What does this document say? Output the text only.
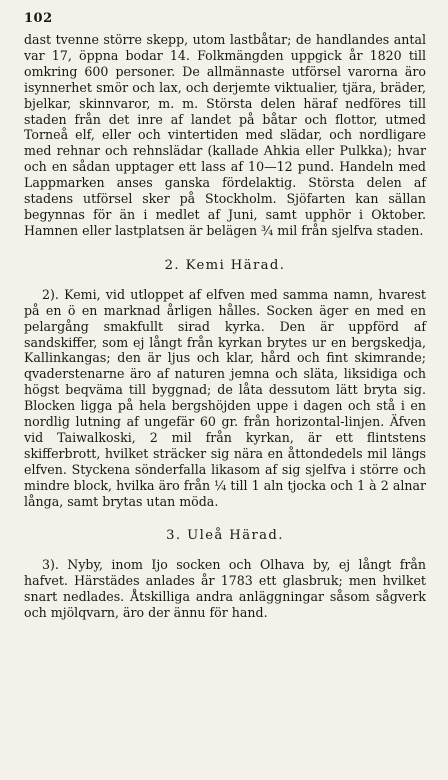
102

dast tvenne större skepp, utom lastbåtar; de handlandes antal var 17, öppna bodar 14. Folkmängden uppgick år 1820 till omkring 600 personer. De allmännaste utförsel varorna äro isynnerhet smör och lax, och derjemte viktualier, tjära, bräder, bjelkar, skinnvaror, m. m. Största delen häraf nedföres till staden från det inre af landet på båtar och flottor, utmed Torneå elf, eller och vintertiden med slädar, och nordligare med rehnar och rehnslädar (kallade Ahkia eller Pulkka); hvar och en sådan upptager ett lass af 10—12 pund. Handeln med Lappmarken anses ganska fördelaktig. Största delen af stadens utförsel sker på Stockholm. Sjöfarten kan sällan begynnas för än i medlet af Juni, samt upphör i Oktober. Hamnen eller lastplatsen är belägen ¾ mil från sjelfva staden.

2. Kemi Härad.

2). Kemi, vid utloppet af elfven med samma namn, hvarest på en ö en marknad årligen hålles. Socken äger en med en pelargång smakfullt sirad kyrka. Den är uppförd af sandskiffer, som ej långt från kyrkan brytes ur en bergskedja, Kallinkangas; den är ljus och klar, hård och fint skimrande; qvaderstenarne äro af naturen jemna och släta, liksidiga och högst beqväma till byggnad; de låta dessutom lätt bryta sig. Blocken ligga på hela bergshöjden uppe i dagen och stå i en nordlig lutning af ungefär 60 gr. från horizontal-linjen. Äfven vid Taiwalkoski, 2 mil från kyrkan, är ett flintstens skifferbrott, hvilket sträcker sig nära en åttondedels mil längs elfven. Styckena sönderfalla likasom af sig sjelfva i större och mindre block, hvilka äro från ¼ till 1 aln tjocka och 1 à 2 alnar långa, samt brytas utan möda.

3. Uleå Härad.

3). Nyby, inom Ijo socken och Olhava by, ej långt från hafvet. Härstädes anlades år 1783 ett glasbruk; men hvilket snart nedlades. Åtskilliga andra anläggningar såsom sågverk och mjölqvarn, äro der ännu för hand.
